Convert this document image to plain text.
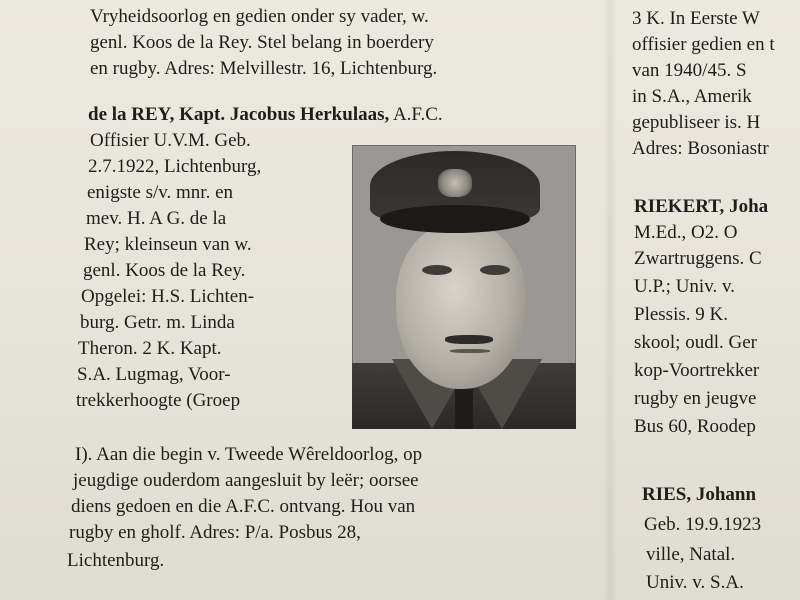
Vryheidsoorlog en gedien onder sy vader, w.
genl. Koos de la Rey. Stel belang in boerdery
en rugby. Adres: Melvillestr. 16, Lichtenburg.
de la REY, Kapt. Jacobus Herkulaas, A.F.C.
Offisier U.V.M. Geb.
2.7.1922, Lichtenburg,
enigste s/v. mnr. en
mev. H. A G. de la
Rey; kleinseun van w.
genl. Koos de la Rey.
Opgelei: H.S. Lichten-
burg. Getr. m. Linda
Theron. 2 K. Kapt.
S.A. Lugmag, Voor-
trekkerhoogte (Groep
I). Aan die begin v. Tweede Wêreldoorlog, op
jeugdige ouderdom aangesluit by leër; oorsee
diens gedoen en die A.F.C. ontvang. Hou van
rugby en gholf. Adres: P/a. Posbus 28,
Lichtenburg.
3 K. In Eerste W
offisier gedien en t
van 1940/45. S
in S.A., Amerik
gepubliseer is. H
Adres: Bosoniastr
RIEKERT, Joha
M.Ed., O2. O
Zwartruggens. C
U.P.; Univ. v.
Plessis. 9 K.
skool; oudl. Ger
kop-Voortrekker
rugby en jeugve
Bus 60, Roodep
RIES, Johann
Geb. 19.9.1923
ville, Natal.
Univ. v. S.A.
